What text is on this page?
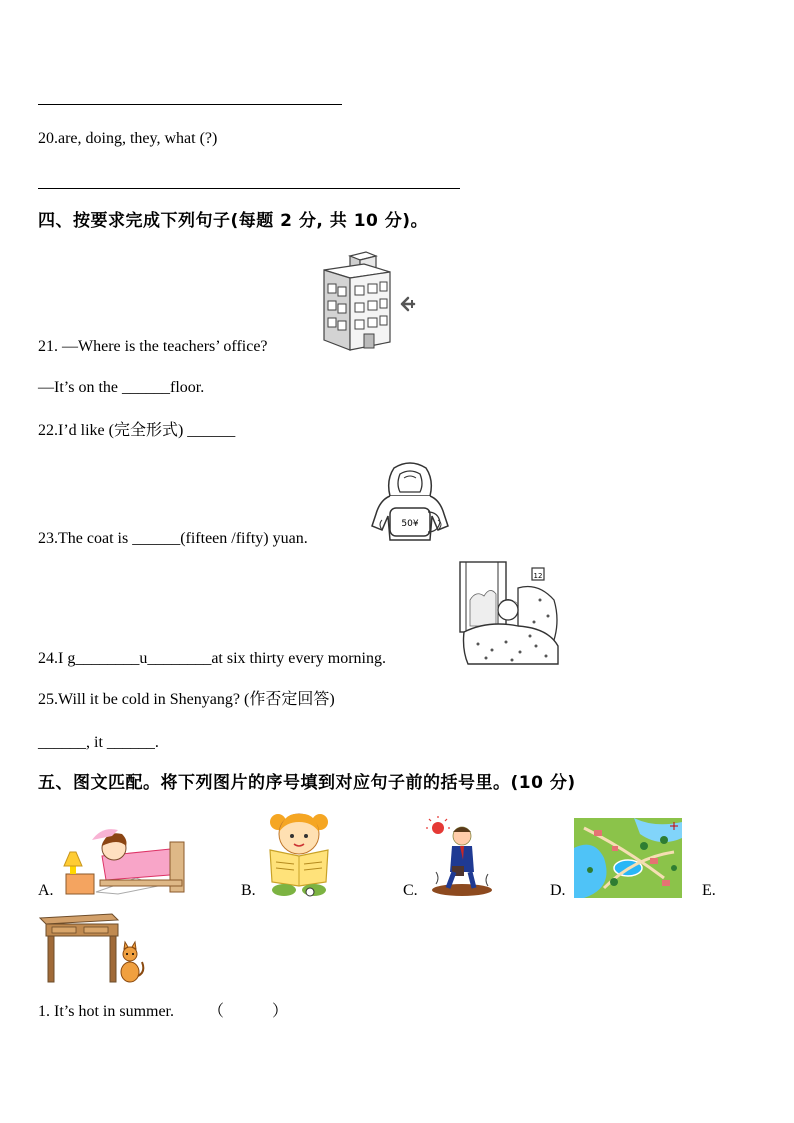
20.are, doing, they, what (?)
四、按要求完成下列句子(每题 2 分, 共 10 分)。
21. —Where is the teachers’ office?
—It’s on the ______floor.
22.I’d like (完全形式) ______
50¥
23.The coat is ______(fifteen /fifty) yuan.
12
24.I g________u________at six thirty every morning.
25.Will it be cold in Shenyang? (作否定回答)
______, it ______.
五、图文匹配。将下列图片的序号填到对应句子前的括号里。(10 分)
A.	B.	C.	D.	E.
1. It’s hot in summer. （　　　）
